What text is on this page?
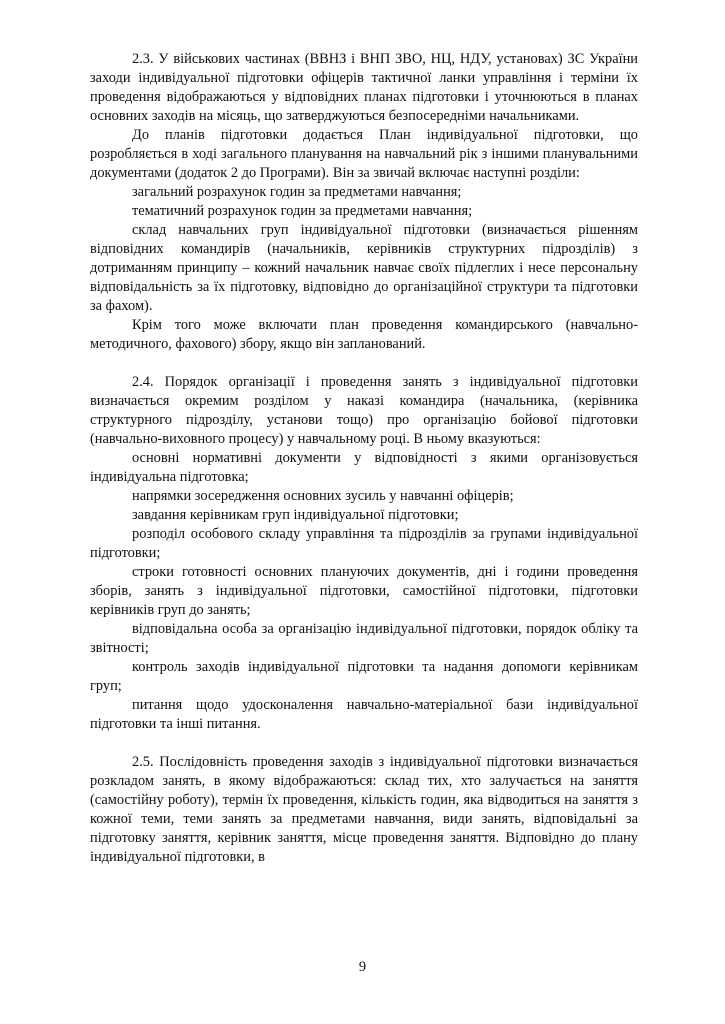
2.3. У військових частинах (ВВНЗ і ВНП ЗВО, НЦ, НДУ, установах) ЗС України заходи індивідуальної підготовки офіцерів тактичної ланки управління і терміни їх проведення відображаються у відповідних планах підготовки і уточнюються в планах основних заходів на місяць, що затверджуються безпосередніми начальниками.

До планів підготовки додається План індивідуальної підготовки, що розробляється в ході загального планування на навчальний рік з іншими планувальними документами (додаток 2 до Програми). Він за звичай включає наступні розділи:

загальний розрахунок годин за предметами навчання;

тематичний розрахунок годин за предметами навчання;

склад навчальних груп індивідуальної підготовки (визначається рішенням відповідних командирів (начальників, керівників структурних підрозділів) з дотриманням принципу – кожний начальник навчає своїх підлеглих і несе персональну відповідальність за їх підготовку, відповідно до організаційної структури та підготовки за фахом).

Крім того може включати план проведення командирського (навчально-методичного, фахового) збору, якщо він запланований.

2.4. Порядок організації і проведення занять з індивідуальної підготовки визначається окремим розділом у наказі командира (начальника, (керівника структурного підрозділу, установи тощо) про організацію бойової підготовки (навчально-виховного процесу) у навчальному році. В ньому вказуються:

основні нормативні документи у відповідності з якими організовується індивідуальна підготовка;

напрямки зосередження основних зусиль у навчанні офіцерів;

завдання керівникам груп індивідуальної підготовки;

розподіл особового складу управління та підрозділів за групами індивідуальної підготовки;

строки готовності основних плануючих документів, дні і години проведення зборів, занять з індивідуальної підготовки, самостійної підготовки, підготовки керівників груп до занять;

відповідальна особа за організацію індивідуальної підготовки, порядок обліку та звітності;

контроль заходів індивідуальної підготовки та надання допомоги керівникам груп;

питання щодо удосконалення навчально-матеріальної бази індивідуальної підготовки та інші питання.

2.5. Послідовність проведення заходів з індивідуальної підготовки визначається розкладом занять, в якому відображаються: склад тих, хто залучається на заняття (самостійну роботу), термін їх проведення, кількість годин, яка відводиться на заняття з кожної теми, теми занять за предметами навчання, види занять, відповідальні за підготовку заняття, керівник заняття, місце проведення заняття. Відповідно до плану індивідуальної підготовки, в

9
